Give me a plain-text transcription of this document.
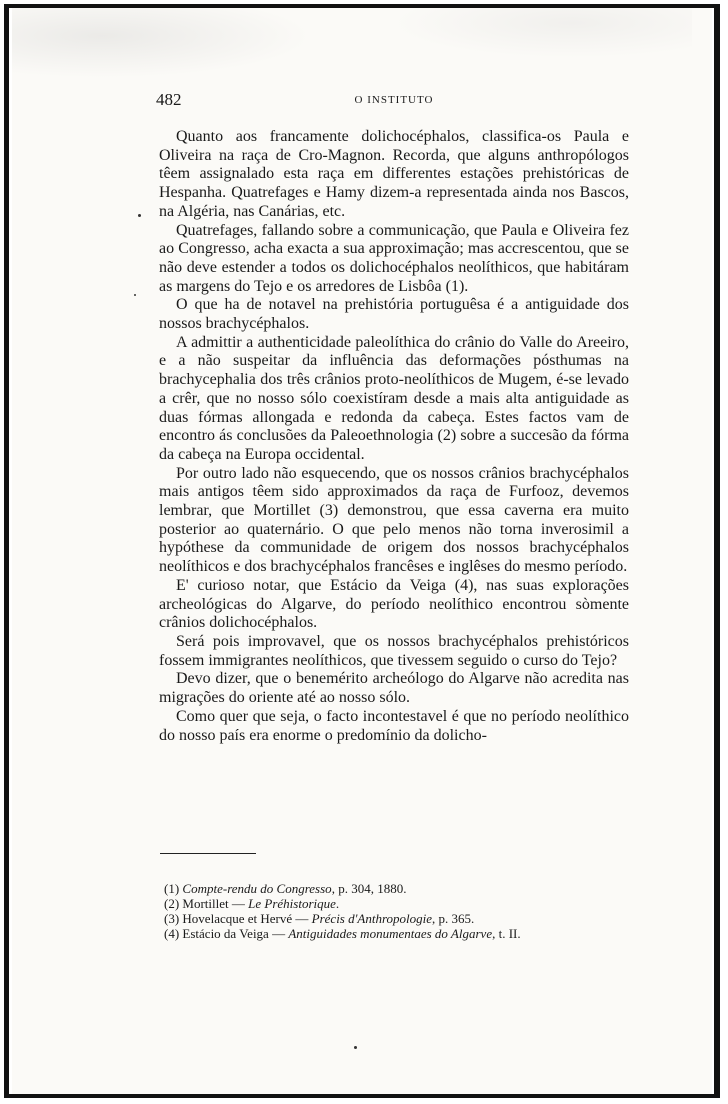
482	O INSTITUTO

Quanto aos francamente dolichocéphalos, classifica-os Paula e Oliveira na raça de Cro-Magnon. Recorda, que alguns anthropólogos têem assignalado esta raça em differentes estações prehistóricas de Hespanha. Quatrefages e Hamy dizem-a representada ainda nos Bascos, na Algéria, nas Canárias, etc.

Quatrefages, fallando sobre a communicação, que Paula e Oliveira fez ao Congresso, acha exacta a sua approximação; mas accrescentou, que se não deve estender a todos os dolichocéphalos neolíthicos, que habitáram as margens do Tejo e os arredores de Lisbôa (1).

O que ha de notavel na prehistória portuguêsa é a antiguidade dos nossos brachycéphalos.

A admittir a authenticidade paleolíthica do crânio do Valle do Areeiro, e a não suspeitar da influência das deformações pósthumas na brachycephalia dos três crânios proto-neolíthicos de Mugem, é-se levado a crêr, que no nosso sólo coexistíram desde a mais alta antiguidade as duas fórmas allongada e redonda da cabeça. Estes factos vam de encontro ás conclusões da Paleoethnologia (2) sobre a succesão da fórma da cabeça na Europa occidental.

Por outro lado não esquecendo, que os nossos crânios brachycéphalos mais antigos têem sido approximados da raça de Furfooz, devemos lembrar, que Mortillet (3) demonstrou, que essa caverna era muito posterior ao quaternário. O que pelo menos não torna inverosimil a hypóthese da communidade de origem dos nossos brachycéphalos neolíthicos e dos brachycéphalos francêses e inglêses do mesmo período.

E' curioso notar, que Estácio da Veiga (4), nas suas explorações archeológicas do Algarve, do período neolíthico encontrou sòmente crânios dolichocéphalos.

Será pois improvavel, que os nossos brachycéphalos prehistóricos fossem immigrantes neolíthicos, que tivessem seguido o curso do Tejo?

Devo dizer, que o benemérito archeólogo do Algarve não acredita nas migrações do oriente até ao nosso sólo.

Como quer que seja, o facto incontestavel é que no período neolíthico do nosso país era enorme o predomínio da dolicho-

(1) Compte-rendu do Congresso, p. 304, 1880.
(2) Mortillet — Le Préhistorique.
(3) Hovelacque et Hervé — Précis d'Anthropologie, p. 365.
(4) Estácio da Veiga — Antiguidades monumentaes do Algarve, t. II.
